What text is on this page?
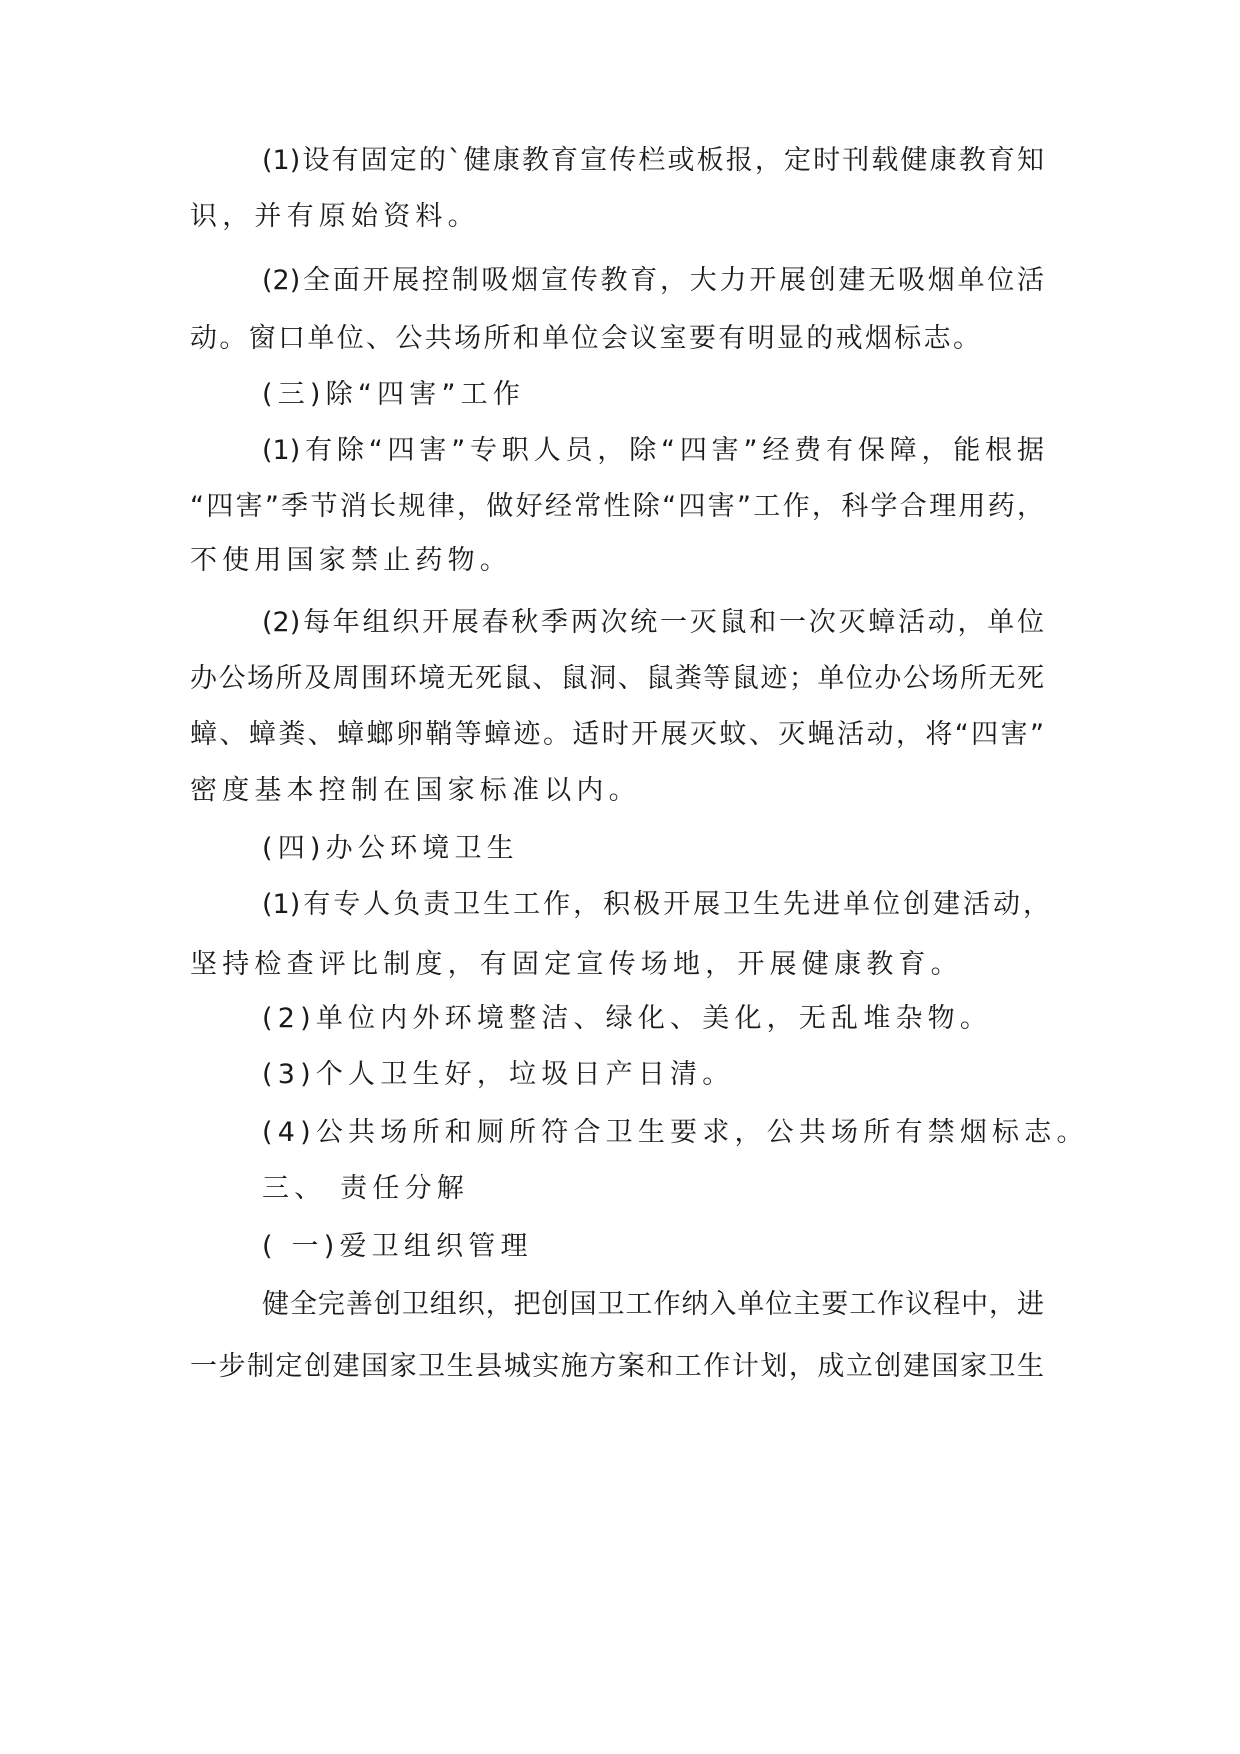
(1)设有固定的`健康教育宣传栏或板报，定时刊载健康教育知
识，并有原始资料。
(2)全面开展控制吸烟宣传教育，大力开展创建无吸烟单位活
动。窗口单位、公共场所和单位会议室要有明显的戒烟标志。
(三)除“四害”工作
(1)有除“四害”专职人员，除“四害”经费有保障，能根据
“四害”季节消长规律，做好经常性除“四害”工作，科学合理用药，
不使用国家禁止药物。
(2)每年组织开展春秋季两次统一灭鼠和一次灭蟑活动，单位
办公场所及周围环境无死鼠、鼠洞、鼠粪等鼠迹；单位办公场所无死
蟑、蟑粪、蟑螂卵鞘等蟑迹。适时开展灭蚊、灭蝇活动，将“四害”
密度基本控制在国家标准以内。
(四)办公环境卫生
(1)有专人负责卫生工作，积极开展卫生先进单位创建活动，
坚持检查评比制度，有固定宣传场地，开展健康教育。
(2)单位内外环境整洁、绿化、美化，无乱堆杂物。
(3)个人卫生好，垃圾日产日清。
(4)公共场所和厕所符合卫生要求，公共场所有禁烟标志。
三、 责任分解
( 一)爱卫组织管理
健全完善创卫组织，把创国卫工作纳入单位主要工作议程中，进
一步制定创建国家卫生县城实施方案和工作计划，成立创建国家卫生
